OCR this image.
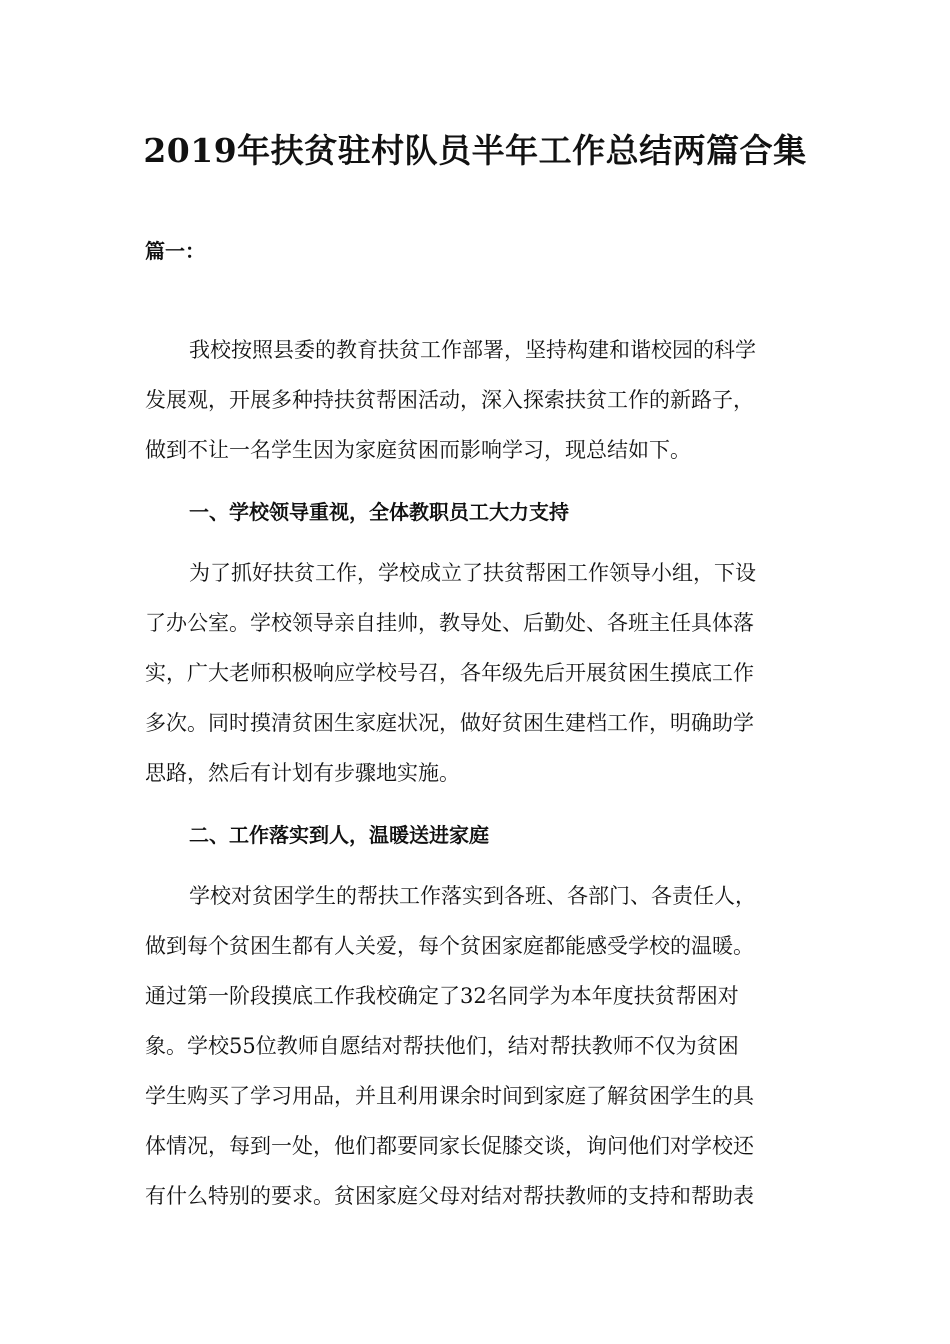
2019年扶贫驻村队员半年工作总结两篇合集
篇一：
我校按照县委的教育扶贫工作部署，坚持构建和谐校园的科学
发展观，开展多种持扶贫帮困活动，深入探索扶贫工作的新路子，
做到不让一名学生因为家庭贫困而影响学习，现总结如下。
一、学校领导重视，全体教职员工大力支持
为了抓好扶贫工作，学校成立了扶贫帮困工作领导小组，下设
了办公室。学校领导亲自挂帅，教导处、后勤处、各班主任具体落
实，广大老师积极响应学校号召，各年级先后开展贫困生摸底工作
多次。同时摸清贫困生家庭状况，做好贫困生建档工作，明确助学
思路，然后有计划有步骤地实施。
二、工作落实到人，温暖送进家庭
学校对贫困学生的帮扶工作落实到各班、各部门、各责任人，
做到每个贫困生都有人关爱，每个贫困家庭都能感受学校的温暖。
通过第一阶段摸底工作我校确定了32名同学为本年度扶贫帮困对
象。学校55位教师自愿结对帮扶他们，结对帮扶教师不仅为贫困
学生购买了学习用品，并且利用课余时间到家庭了解贫困学生的具
体情况，每到一处，他们都要同家长促膝交谈，询问他们对学校还
有什么特别的要求。贫困家庭父母对结对帮扶教师的支持和帮助表
